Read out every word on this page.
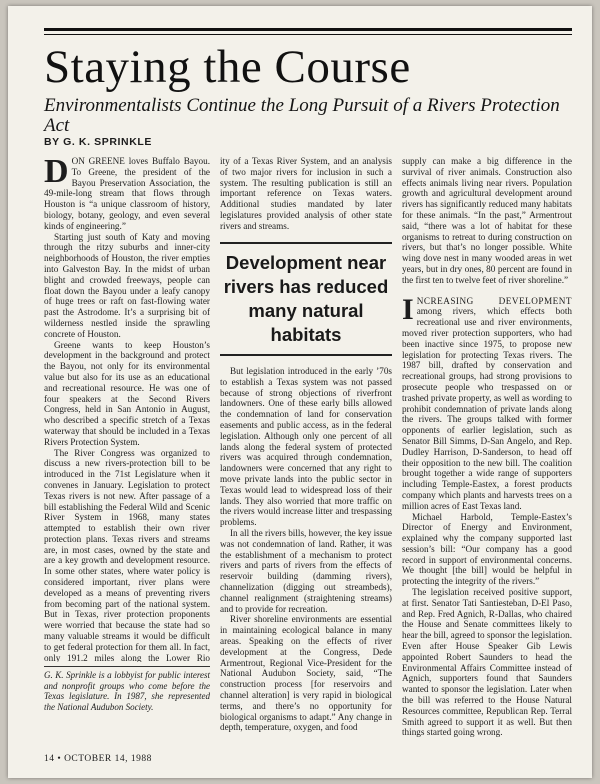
Staying the Course
Environmentalists Continue the Long Pursuit of a Rivers Protection Act
BY G. K. SPRINKLE

DON GREENE loves Buffalo Bayou. To Greene, the president of the Bayou Preservation Association, the 49-mile-long stream that flows through Houston is “a unique classroom of history, biology, botany, geology, and even several kinds of engineering.”

Starting just south of Katy and moving through the ritzy suburbs and inner-city neighborhoods of Houston, the river empties into Galveston Bay. In the midst of urban blight and crowded freeways, people can float down the Bayou under a leafy canopy of huge trees or raft on fast-flowing water past the Astrodome. It’s a surprising bit of wilderness nestled inside the sprawling concrete of Houston.

Greene wants to keep Houston’s development in the background and protect the Bayou, not only for its environmental value but also for its use as an educational and recreational resource. He was one of four speakers at the Second Rivers Congress, held in San Antonio in August, who described a specific stretch of a Texas waterway that should be included in a Texas Rivers Protection System.

The River Congress was organized to discuss a new rivers-protection bill to be introduced in the 71st Legislature when it convenes in January. Legislation to protect Texas rivers is not new. After passage of a bill establishing the Federal Wild and Scenic River System in 1968, many states attempted to establish their own river protection plans. Texas rivers and streams are, in most cases, owned by the state and are a key growth and development resource. In some other states, where water policy is considered important, river plans were developed as a means of preventing rivers from becoming part of the national system. But in Texas, river protection proponents were worried that because the state had so many valuable streams it would be difficult to get federal protection for them all. In fact, only 191.2 miles along the Lower Rio

G. K. Sprinkle is a lobbyist for public interest and nonprofit groups who come before the Texas legislature. In 1987, she represented the National Audubon Society.
ity of a Texas River System, and an analysis of two major rivers for inclusion in such a system. The resulting publication is still an important reference on Texas waters. Additional studies mandated by later legislatures provided analysis of other state rivers and streams.
Development near rivers has reduced many natural habitats

But legislation introduced in the early ’70s to establish a Texas system was not passed because of strong objections of riverfront landowners. One of these early bills allowed the condemnation of land for conservation easements and public access, as in the federal legislation. Although only one percent of all lands along the federal system of protected rivers was acquired through condemnation, landowners were concerned that any right to move private lands into the public sector in Texas would lead to widespread loss of their lands. They also worried that more traffic on the rivers would increase litter and trespassing problems.

In all the rivers bills, however, the key issue was not condemnation of land. Rather, it was the establishment of a mechanism to protect rivers and parts of rivers from the effects of reservoir building (damming rivers), channelization (digging out streambeds), channel realignment (straightening streams) and to provide for recreation.

River shoreline environments are essential in maintaining ecological balance in many areas. Speaking on the effects of river development at the Congress, Dede Armentrout, Regional Vice-President for the National Audubon Society, said, “The construction process [for reservoirs and channel alteration] is very rapid in biological terms, and there’s no opportunity for biological organisms to adapt.” Any change in depth, temperature, oxygen, and food

supply can make a big difference in the survival of river animals. Construction also effects animals living near rivers. Population growth and agricultural development around rivers has significantly reduced many habitats for these animals. “In the past,” Armentrout said, “there was a lot of habitat for these organisms to retreat to during construction on rivers, but that’s no longer possible. White wing dove nest in many wooded areas in wet years, but in dry ones, 80 percent are found in the first ten to twelve feet of river shoreline.”

INCREASING DEVELOPMENT among rivers, which effects both recreational use and river environments, moved river protection supporters, who had been inactive since 1975, to propose new legislation for protecting Texas rivers. The 1987 bill, drafted by conservation and recreational groups, had strong provisions to prosecute people who trespassed on or trashed private property, as well as wording to prohibit condemnation of private lands along the rivers. The groups talked with former opponents of earlier legislation, such as Senator Bill Simms, D-San Angelo, and Rep. Dudley Harrison, D-Sanderson, to head off their opposition to the new bill. The coalition brought together a wide range of supporters including Temple-Eastex, a forest products company which plants and harvests trees on a million acres of East Texas land.

Michael Harbold, Temple-Eastex’s Director of Energy and Environment, explained why the company supported last session’s bill: “Our company has a good record in support of environmental concerns. We thought [the bill] would be helpful in protecting the integrity of the rivers.”

The legislation received positive support, at first. Senator Tati Santiesteban, D-El Paso, and Rep. Fred Agnich, R-Dallas, who chaired the House and Senate committees likely to hear the bill, agreed to sponsor the legislation. Even after House Speaker Gib Lewis appointed Robert Saunders to head the Environmental Affairs Committee instead of Agnich, supporters found that Saunders wanted to sponsor the legislation. Later when the bill was referred to the House Natural Resources committee, Republican Rep. Terral Smith agreed to support it as well. But then things started going wrong.

14 • OCTOBER 14, 1988
